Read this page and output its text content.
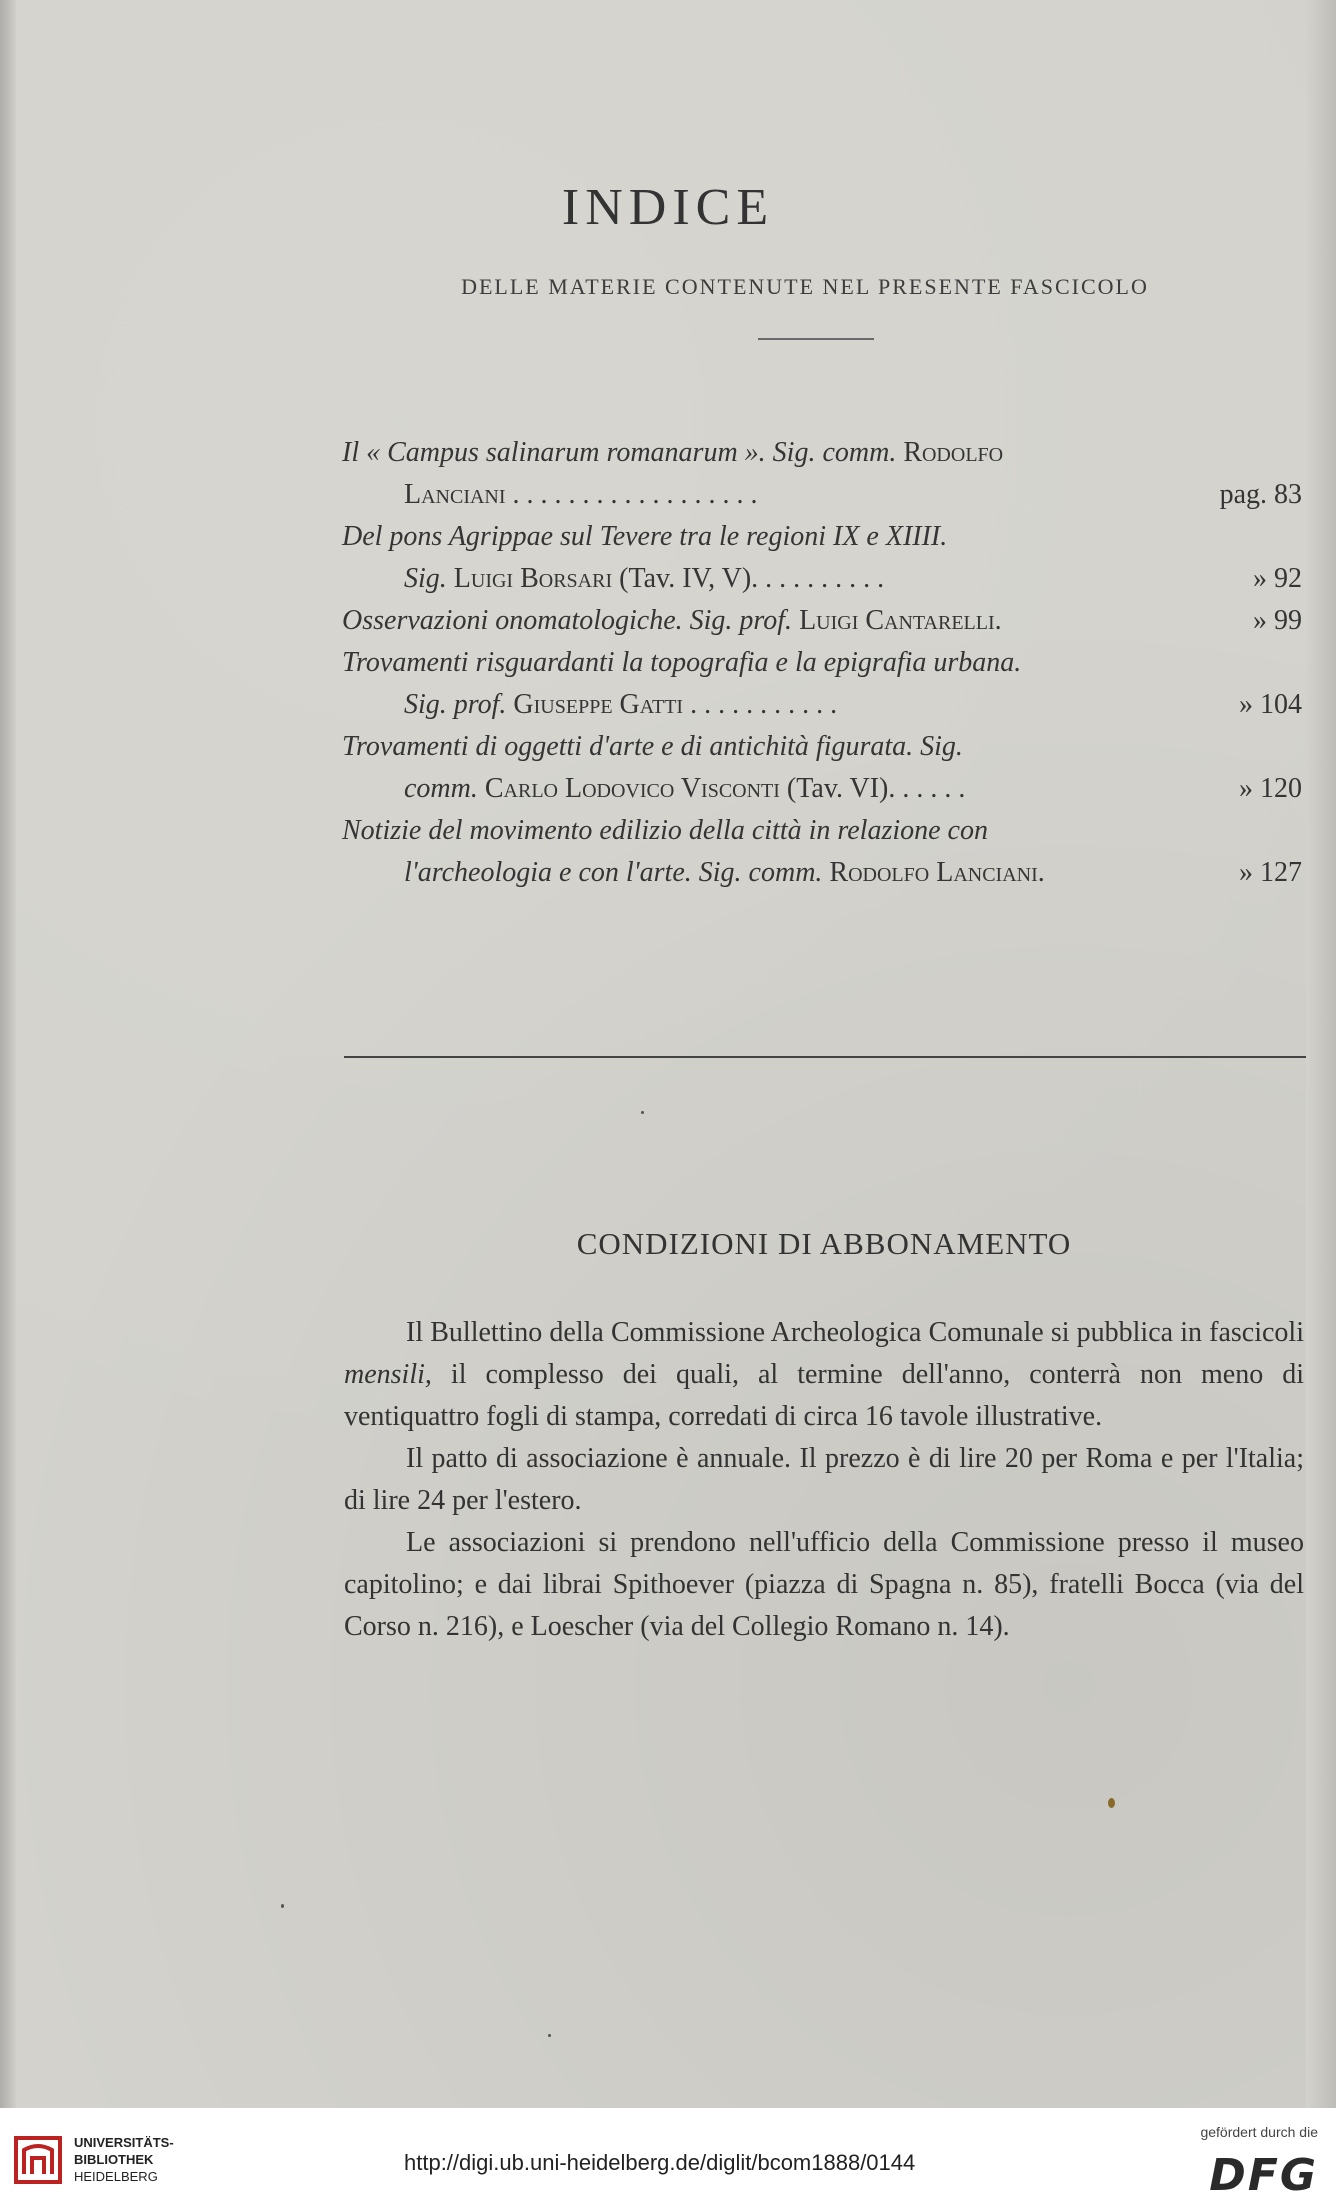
INDICE
DELLE MATERIE CONTENUTE NEL PRESENTE FASCICOLO
Il « Campus salinarum romanarum ». Sig. comm. Rodolfo
Lanciani . . . . . . . . . . . . . . . . . .	pag. 83
Del pons Agrippae sul Tevere tra le regioni IX e XIIII.
Sig. Luigi Borsari (Tav. IV, V). . . . . . . . . .	» 92
Osservazioni onomatologiche. Sig. prof. Luigi Cantarelli.	» 99
Trovamenti risguardanti la topografia e la epigrafia urbana.
Sig. prof. Giuseppe Gatti . . . . . . . . . . .	» 104
Trovamenti di oggetti d'arte e di antichità figurata. Sig.
comm. Carlo Lodovico Visconti (Tav. VI). . . . . .	» 120
Notizie del movimento edilizio della città in relazione con
l'archeologia e con l'arte. Sig. comm. Rodolfo Lanciani.	» 127
CONDIZIONI DI ABBONAMENTO

Il Bullettino della Commissione Archeologica Comunale si pubblica in fascicoli mensili, il complesso dei quali, al termine dell'anno, conterrà non meno di ventiquattro fogli di stampa, corredati di circa 16 tavole illustrative.

Il patto di associazione è annuale. Il prezzo è di lire 20 per Roma e per l'Italia; di lire 24 per l'estero.

Le associazioni si prendono nell'ufficio della Commissione presso il museo capitolino; e dai librai Spithoever (piazza di Spagna n. 85), fratelli Bocca (via del Corso n. 216), e Loescher (via del Collegio Romano n. 14).

UNIVERSITÄTS-
BIBLIOTHEK
HEIDELBERG
http://digi.ub.uni-heidelberg.de/diglit/bcom1888/0144
gefördert durch die
DFG
